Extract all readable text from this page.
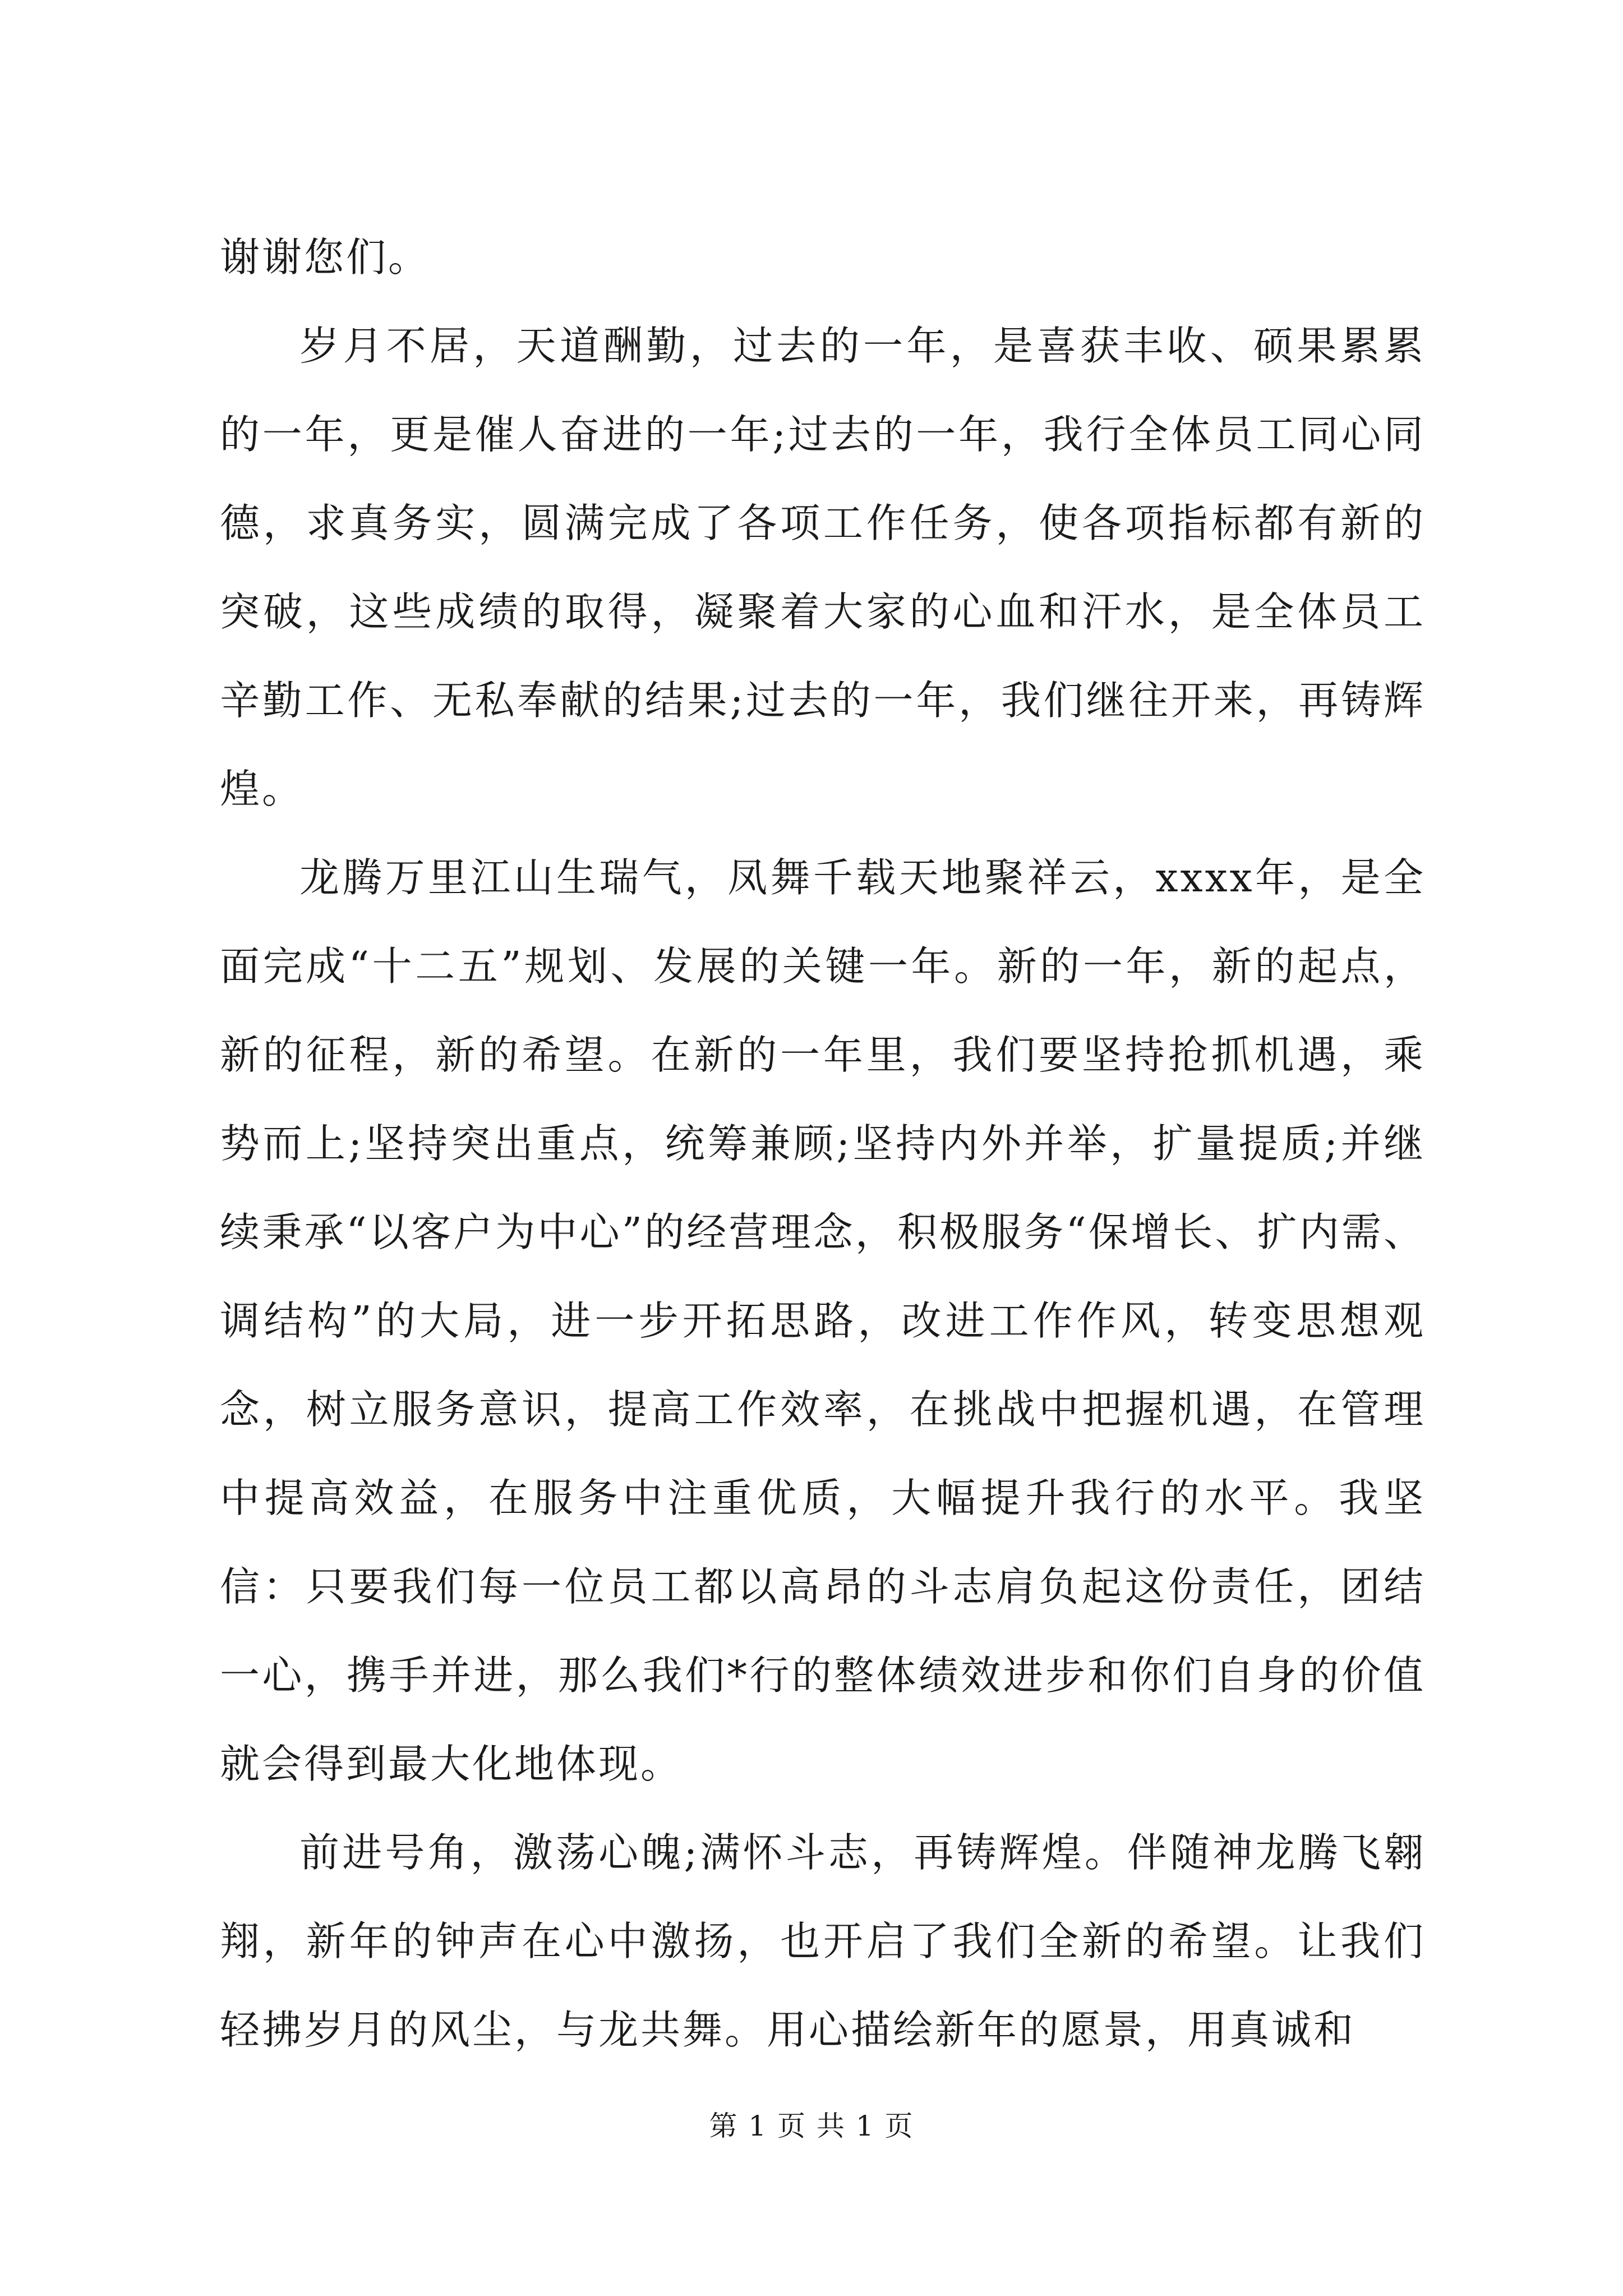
谢谢您们。

岁月不居，天道酬勤，过去的一年，是喜获丰收、硕果累累的一年，更是催人奋进的一年;过去的一年，我行全体员工同心同德，求真务实，圆满完成了各项工作任务，使各项指标都有新的突破，这些成绩的取得，凝聚着大家的心血和汗水，是全体员工辛勤工作、无私奉献的结果;过去的一年，我们继往开来，再铸辉煌。

龙腾万里江山生瑞气，凤舞千载天地聚祥云，xxxx年，是全面完成“十二五”规划、发展的关键一年。新的一年，新的起点，新的征程，新的希望。在新的一年里，我们要坚持抢抓机遇，乘势而上;坚持突出重点，统筹兼顾;坚持内外并举，扩量提质;并继续秉承“以客户为中心”的经营理念，积极服务“保增长、扩内需、调结构”的大局，进一步开拓思路，改进工作作风，转变思想观念，树立服务意识，提高工作效率，在挑战中把握机遇，在管理中提高效益，在服务中注重优质，大幅提升我行的水平。我坚信：只要我们每一位员工都以高昂的斗志肩负起这份责任，团结一心，携手并进，那么我们*行的整体绩效进步和你们自身的价值就会得到最大化地体现。

前进号角，激荡心魄;满怀斗志，再铸辉煌。伴随神龙腾飞翱翔，新年的钟声在心中激扬，也开启了我们全新的希望。让我们轻拂岁月的风尘，与龙共舞。用心描绘新年的愿景，用真诚和

第 1 页 共 1 页
